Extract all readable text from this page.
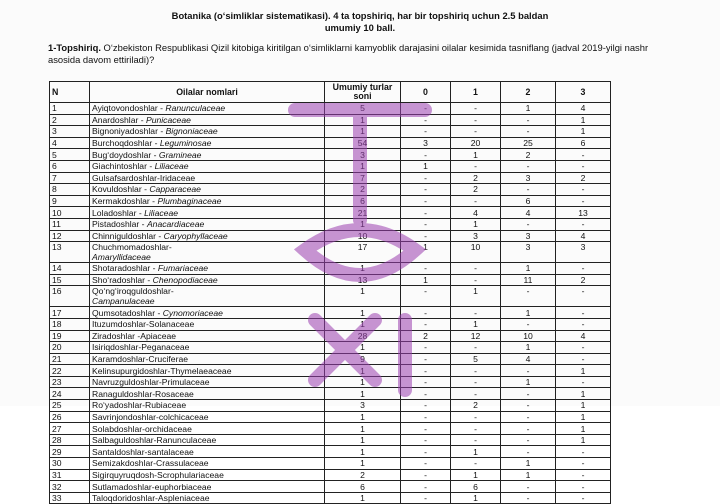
Botanika (o‘simliklar sistematikasi). 4 ta topshiriq, har bir topshiriq uchun 2.5 baldan
umumiy 10 ball.
1-Topshiriq. O‘zbekiston Respublikasi Qizil kitobiga kiritilgan o‘simliklarni kamyoblik darajasini oilalar kesimida tasniflang (jadval 2019-yilgi nashr asosida davom ettiriladi)?
N	Oilalar nomlari	Umumiy turlar soni	0	1	2	3
1	Ayiqtovondoshlar - Ranunculaceae	5	-	-	1	4
2	Anardoshlar - Punicaceae	1	-	-	-	1
3	Bignoniyadoshlar - Bignoniaceae	1	-	-	-	1
4	Burchoqdoshlar - Leguminosae	54	3	20	25	6
5	Bug‘doydoshlar - Gramineae	3	-	1	2	-
6	Giachintoshlar - Liliaceae	1	1	-	-	-
7	Gulsafsardoshlar-Iridaceae	7	-	2	3	2
8	Kovuldoshlar - Capparaceae	2	-	2	-	-
9	Kermakdoshlar - Plumbaginaceae	6	-	-	6	-
10	Loladoshlar - Liliaceae	21	-	4	4	13
11	Pistadoshlar - Anacardiaceae	1	-	1	-	-
12	Chinniguldoshlar - Caryophyllaceae	10	-	3	3	4
13	Chuchmomadoshlar-
Amaryllidaceae	17	1	10	3	3
14	Shotaradoshlar - Fumariaceae	1	-	-	1	-
15	Sho‘radoshlar - Chenopodiaceae	13	1	-	11	2
16	Qo‘ng‘iroqguldoshlar-
Campanulaceae	1	-	1	-	-
17	Qumsotadoshlar - Cynomoriaceae	1	-	-	1	-
18	Ituzumdoshlar-Solanaceae	1	-	1	-	-
19	Ziradoshlar -Apiaceae	28	2	12	10	4
20	Isiriqdoshlar-Peganaceae	1	-	-	1	-
21	Karamdoshlar-Cruciferae	9	-	5	4	-
22	Kelinsupurgidoshlar-Thymelaeaceae	1	-	-	-	1
23	Navruzguldoshlar-Primulaceae	1	-	-	1	-
24	Ranaguldoshlar-Rosaceae	1	-	-	-	1
25	Ro‘yadoshlar-Rubiaceae	3	-	2	-	1
26	Savrinjondoshlar-colchicaceae	1	-	-	-	1
27	Solabdoshlar-orchidaceae	1	-	-	-	1
28	Salbaguldoshlar-Ranunculaceae	1	-	-	-	1
29	Santaldoshlar-santalaceae	1	-	1	-	-
30	Semizakdoshlar-Crassulaceae	1	-	-	1	-
31	Sigirquyruqdosh-Scrophulariaceae	2	-	1	1	-
32	Sutlamadoshlar-euphorbiaceae	6	-	6	-	-
33	Taloqdoridoshlar-Aspleniaceae	1	-	1	-	-
